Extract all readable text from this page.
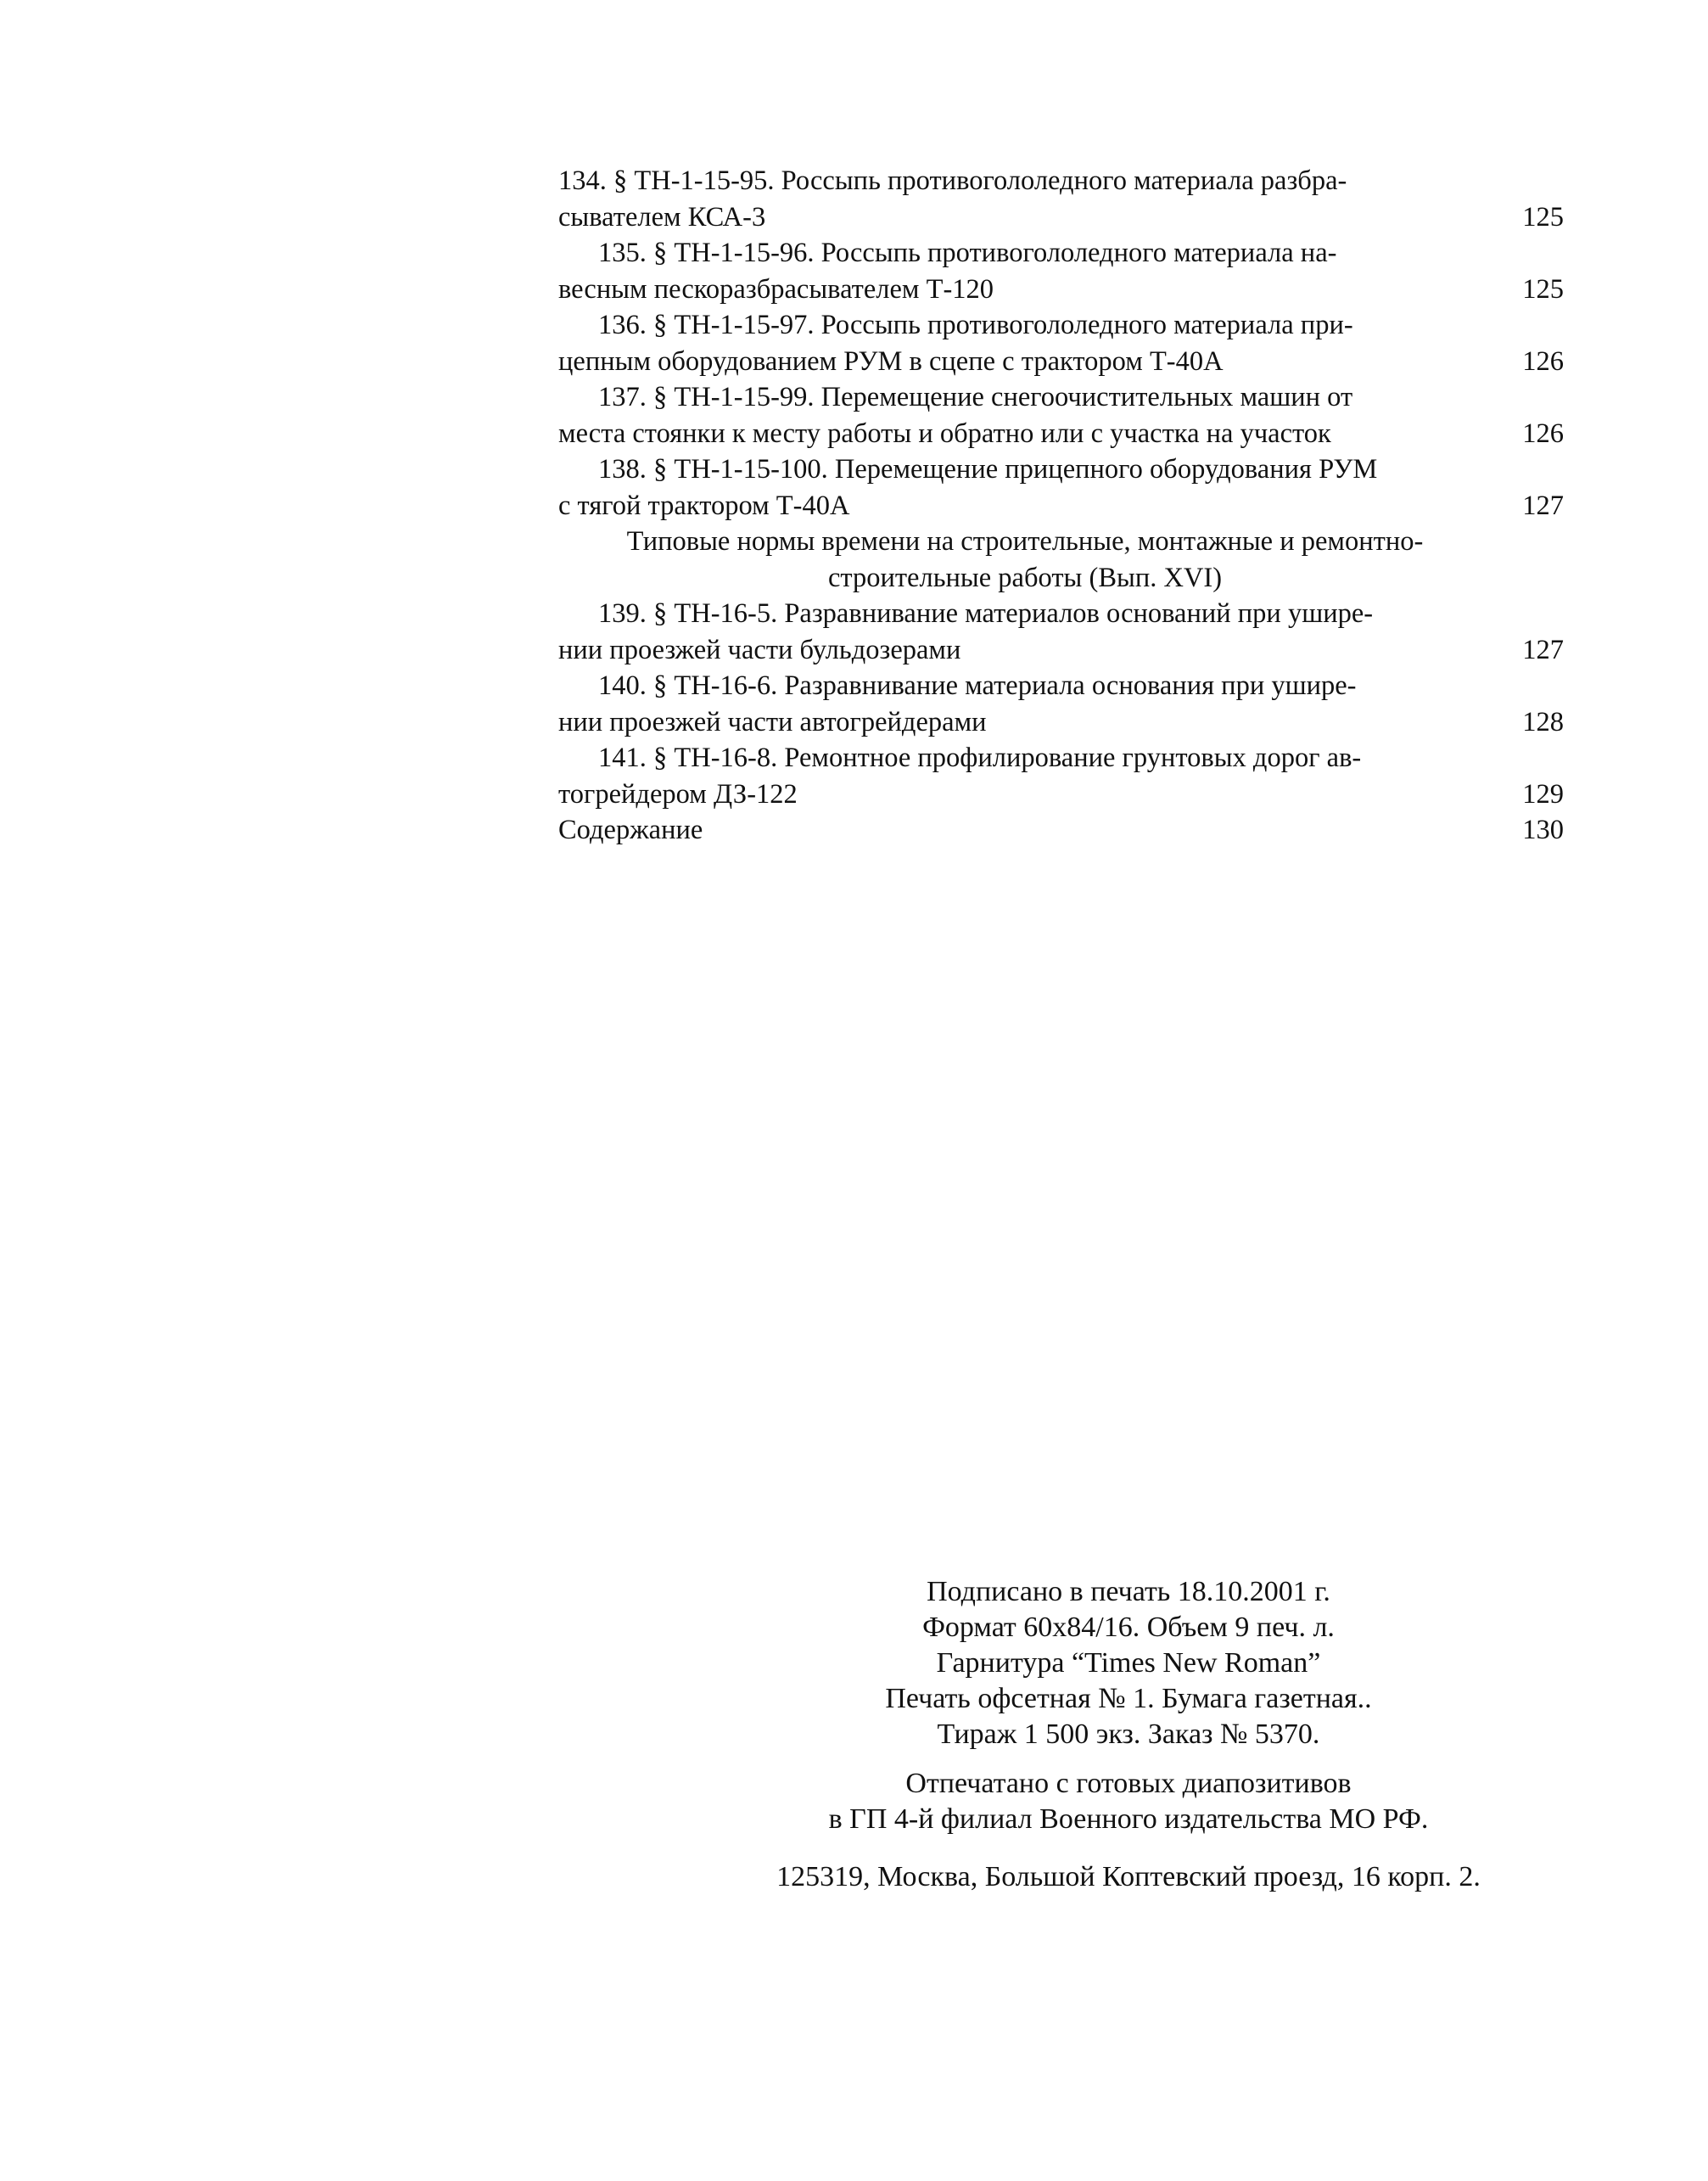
134. § ТН-1-15-95. Россыпь противогололедного материала разбра-
сывателем КСА-3	125
135. § ТН-1-15-96. Россыпь противогололедного материала на-
весным пескоразбрасывателем Т-120	125
136. § ТН-1-15-97. Россыпь противогололедного материала при-
цепным оборудованием РУМ в сцепе с трактором Т-40А	126
137. § ТН-1-15-99. Перемещение снегоочистительных машин от
места стоянки к месту работы и обратно или с участка на участок	126
138. § ТН-1-15-100. Перемещение прицепного оборудования РУМ
с тягой трактором Т-40А	127
Типовые нормы времени на строительные, монтажные и ремонтно-
строительные работы (Вып. XVI)
139. § ТН-16-5. Разравнивание материалов оснований при ушире-
нии проезжей части бульдозерами	127
140. § ТН-16-6. Разравнивание материала основания при уширe-
нии проезжей части автогрейдерами	128
141. § ТН-16-8. Ремонтное профилирование грунтовых дорог ав-
тогрейдером ДЗ-122	129
Содержание	130
Подписано в печать 18.10.2001 г.
Формат 60x84/16. Объем 9 печ. л.
Гарнитура “Times New Roman”
Печать офсетная № 1. Бумага газетная..
Тираж 1 500 экз. Заказ № 5370.
Отпечатано с готовых диапозитивов
в ГП 4-й филиал Военного издательства МО РФ.
125319, Москва, Большой Коптевский проезд, 16 корп. 2.
